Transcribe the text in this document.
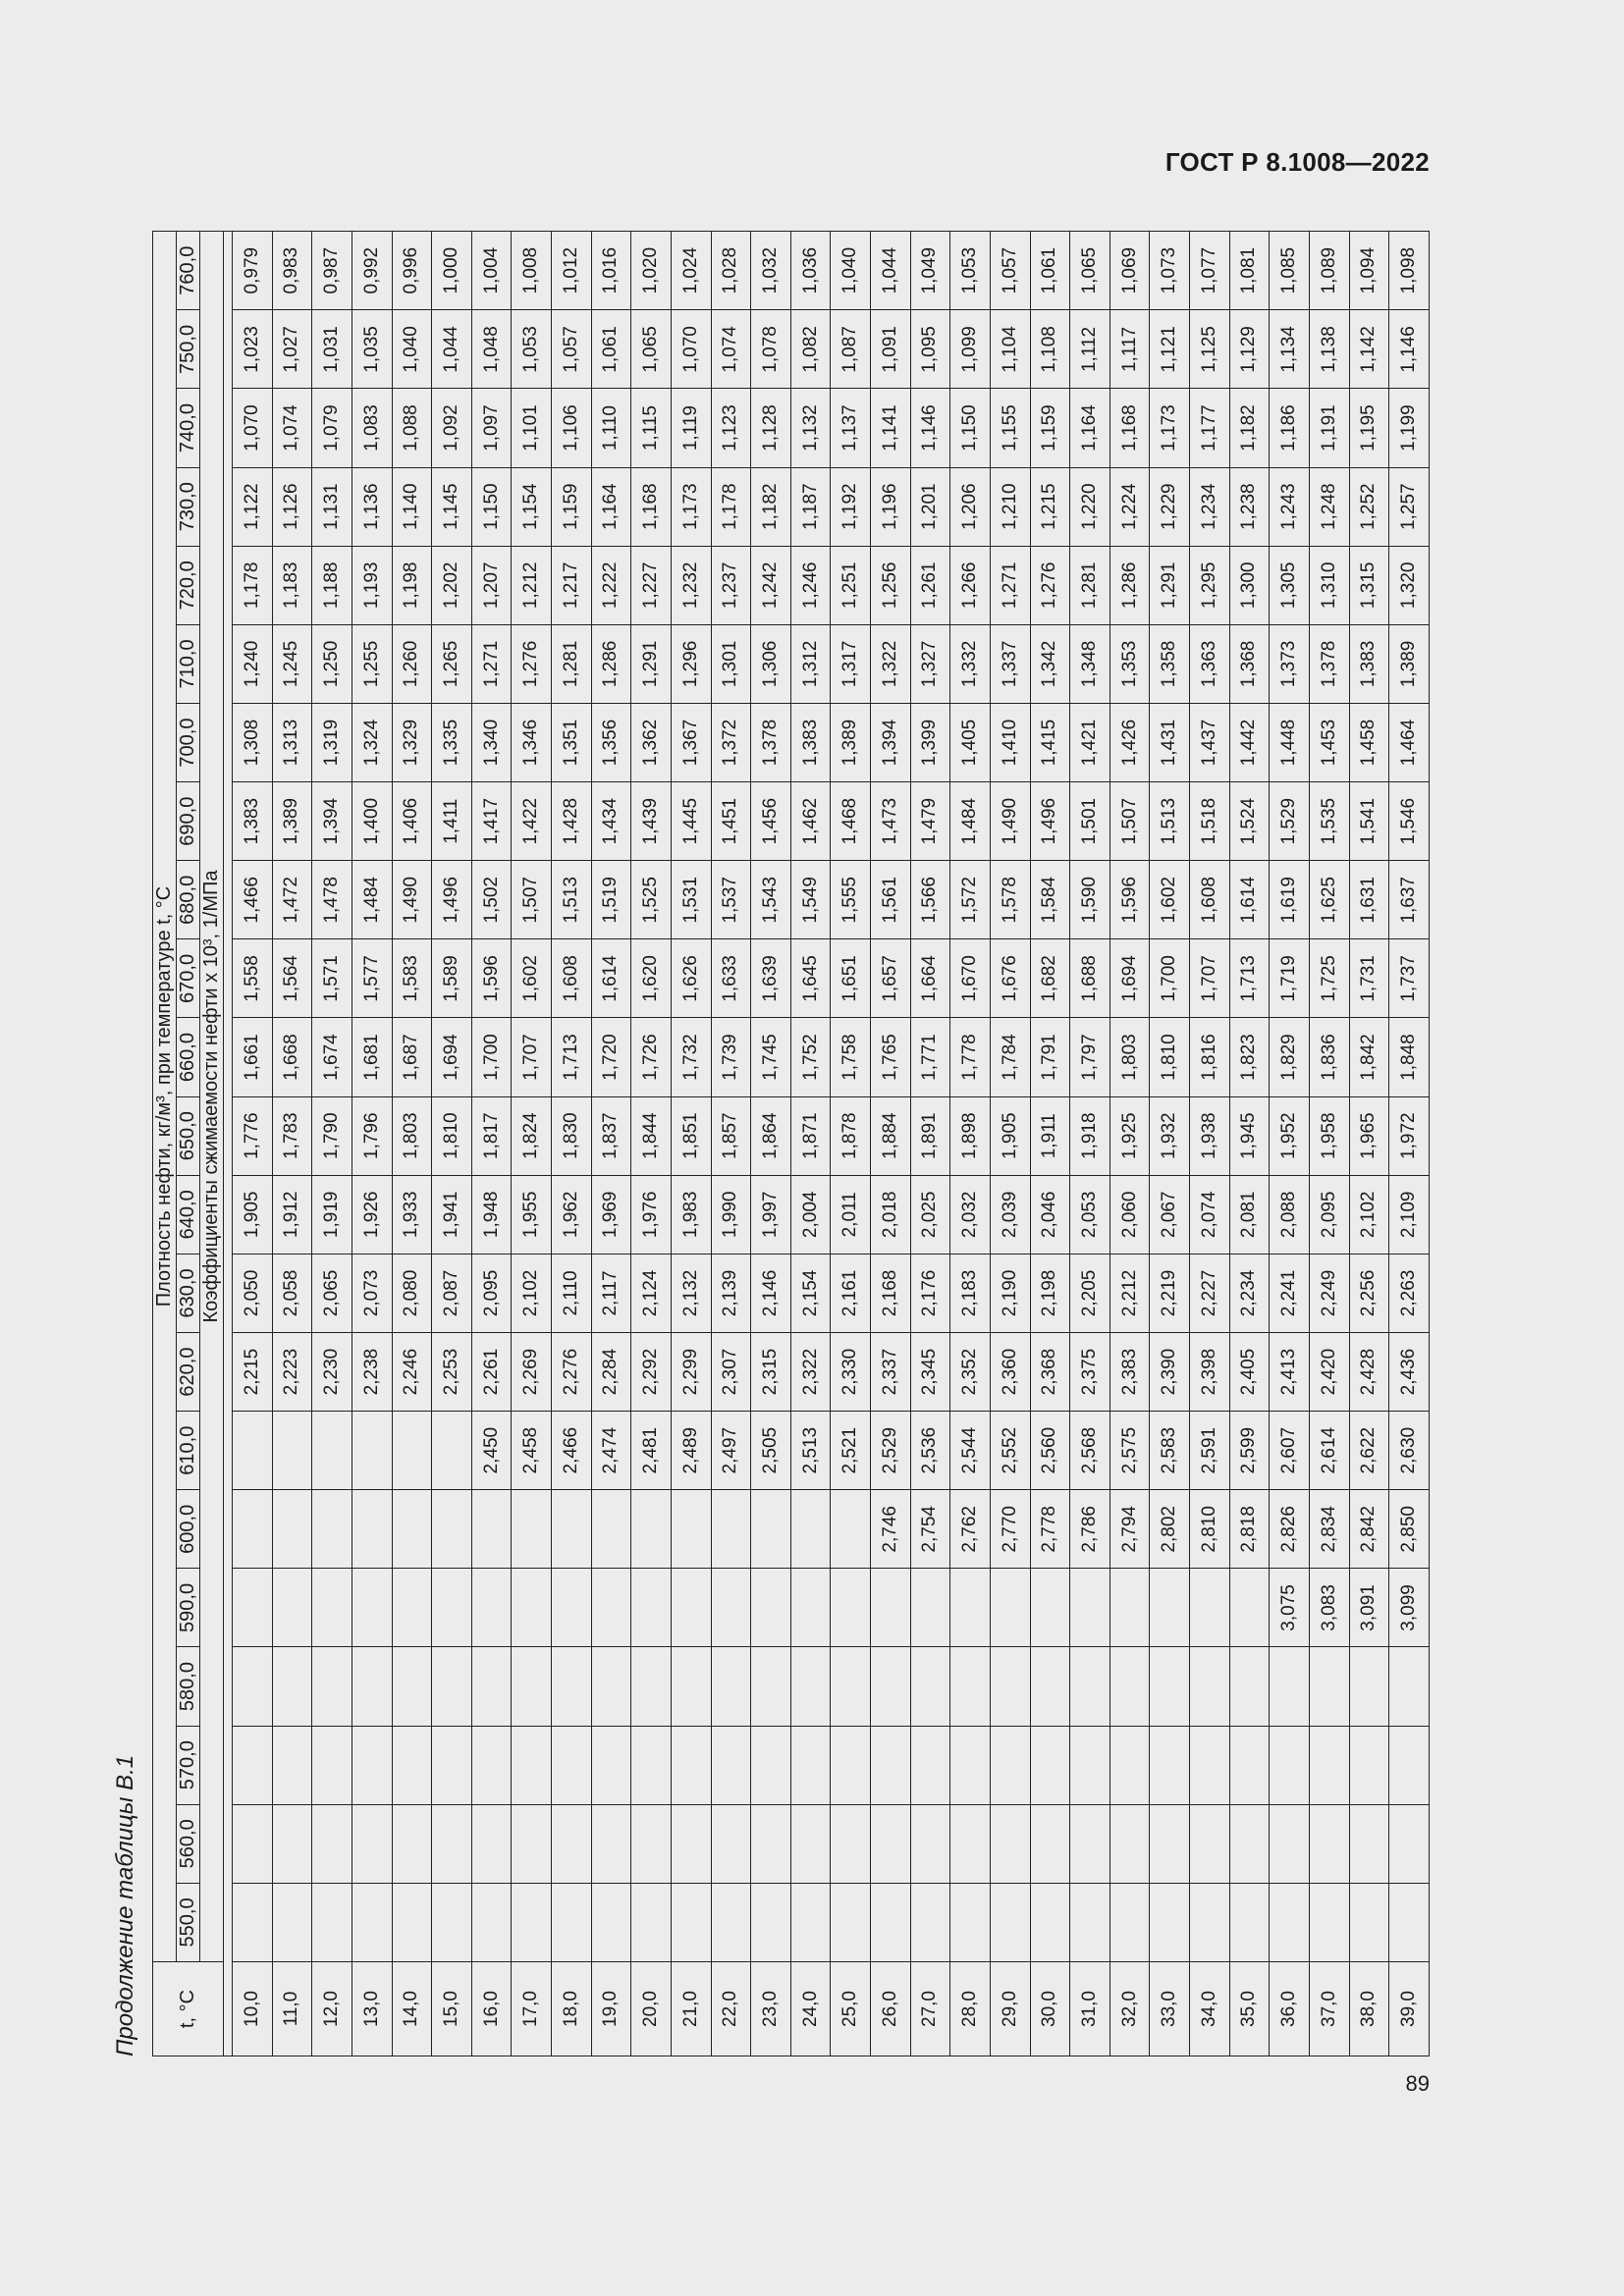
ГОСТ Р 8.1008—2022
Продолжение таблицы В.1 t, °C	Плотность нефти, кг/м³, при температуре t, °C																					
	550,0	560,0	570,0	580,0	590,0	600,0	610,0	620,0	630,0	640,0	650,0	660,0	670,0	680,0	690,0	700,0	710,0	720,0	730,0	740,0	750,0	760,0
	Коэффициенты сжимаемости нефти x 10³, 1/МПа																					

10,0								2,215	2,050	1,905	1,776	1,661	1,558	1,466	1,383	1,308	1,240	1,178	1,122	1,070	1,023	0,979
11,0								2,223	2,058	1,912	1,783	1,668	1,564	1,472	1,389	1,313	1,245	1,183	1,126	1,074	1,027	0,983
12,0								2,230	2,065	1,919	1,790	1,674	1,571	1,478	1,394	1,319	1,250	1,188	1,131	1,079	1,031	0,987
13,0								2,238	2,073	1,926	1,796	1,681	1,577	1,484	1,400	1,324	1,255	1,193	1,136	1,083	1,035	0,992
14,0								2,246	2,080	1,933	1,803	1,687	1,583	1,490	1,406	1,329	1,260	1,198	1,140	1,088	1,040	0,996
15,0								2,253	2,087	1,941	1,810	1,694	1,589	1,496	1,411	1,335	1,265	1,202	1,145	1,092	1,044	1,000
16,0							2,450	2,261	2,095	1,948	1,817	1,700	1,596	1,502	1,417	1,340	1,271	1,207	1,150	1,097	1,048	1,004
17,0							2,458	2,269	2,102	1,955	1,824	1,707	1,602	1,507	1,422	1,346	1,276	1,212	1,154	1,101	1,053	1,008
18,0							2,466	2,276	2,110	1,962	1,830	1,713	1,608	1,513	1,428	1,351	1,281	1,217	1,159	1,106	1,057	1,012
19,0							2,474	2,284	2,117	1,969	1,837	1,720	1,614	1,519	1,434	1,356	1,286	1,222	1,164	1,110	1,061	1,016
20,0							2,481	2,292	2,124	1,976	1,844	1,726	1,620	1,525	1,439	1,362	1,291	1,227	1,168	1,115	1,065	1,020
21,0							2,489	2,299	2,132	1,983	1,851	1,732	1,626	1,531	1,445	1,367	1,296	1,232	1,173	1,119	1,070	1,024
22,0							2,497	2,307	2,139	1,990	1,857	1,739	1,633	1,537	1,451	1,372	1,301	1,237	1,178	1,123	1,074	1,028
23,0							2,505	2,315	2,146	1,997	1,864	1,745	1,639	1,543	1,456	1,378	1,306	1,242	1,182	1,128	1,078	1,032
24,0							2,513	2,322	2,154	2,004	1,871	1,752	1,645	1,549	1,462	1,383	1,312	1,246	1,187	1,132	1,082	1,036
25,0							2,521	2,330	2,161	2,011	1,878	1,758	1,651	1,555	1,468	1,389	1,317	1,251	1,192	1,137	1,087	1,040
26,0						2,746	2,529	2,337	2,168	2,018	1,884	1,765	1,657	1,561	1,473	1,394	1,322	1,256	1,196	1,141	1,091	1,044
27,0						2,754	2,536	2,345	2,176	2,025	1,891	1,771	1,664	1,566	1,479	1,399	1,327	1,261	1,201	1,146	1,095	1,049
28,0						2,762	2,544	2,352	2,183	2,032	1,898	1,778	1,670	1,572	1,484	1,405	1,332	1,266	1,206	1,150	1,099	1,053
29,0						2,770	2,552	2,360	2,190	2,039	1,905	1,784	1,676	1,578	1,490	1,410	1,337	1,271	1,210	1,155	1,104	1,057
30,0						2,778	2,560	2,368	2,198	2,046	1,911	1,791	1,682	1,584	1,496	1,415	1,342	1,276	1,215	1,159	1,108	1,061
31,0						2,786	2,568	2,375	2,205	2,053	1,918	1,797	1,688	1,590	1,501	1,421	1,348	1,281	1,220	1,164	1,112	1,065
32,0						2,794	2,575	2,383	2,212	2,060	1,925	1,803	1,694	1,596	1,507	1,426	1,353	1,286	1,224	1,168	1,117	1,069
33,0						2,802	2,583	2,390	2,219	2,067	1,932	1,810	1,700	1,602	1,513	1,431	1,358	1,291	1,229	1,173	1,121	1,073
34,0						2,810	2,591	2,398	2,227	2,074	1,938	1,816	1,707	1,608	1,518	1,437	1,363	1,295	1,234	1,177	1,125	1,077
35,0						2,818	2,599	2,405	2,234	2,081	1,945	1,823	1,713	1,614	1,524	1,442	1,368	1,300	1,238	1,182	1,129	1,081
36,0					3,075	2,826	2,607	2,413	2,241	2,088	1,952	1,829	1,719	1,619	1,529	1,448	1,373	1,305	1,243	1,186	1,134	1,085
37,0					3,083	2,834	2,614	2,420	2,249	2,095	1,958	1,836	1,725	1,625	1,535	1,453	1,378	1,310	1,248	1,191	1,138	1,089
38,0					3,091	2,842	2,622	2,428	2,256	2,102	1,965	1,842	1,731	1,631	1,541	1,458	1,383	1,315	1,252	1,195	1,142	1,094
39,0					3,099	2,850	2,630	2,436	2,263	2,109	1,972	1,848	1,737	1,637	1,546	1,464	1,389	1,320	1,257	1,199	1,146	1,098
89
